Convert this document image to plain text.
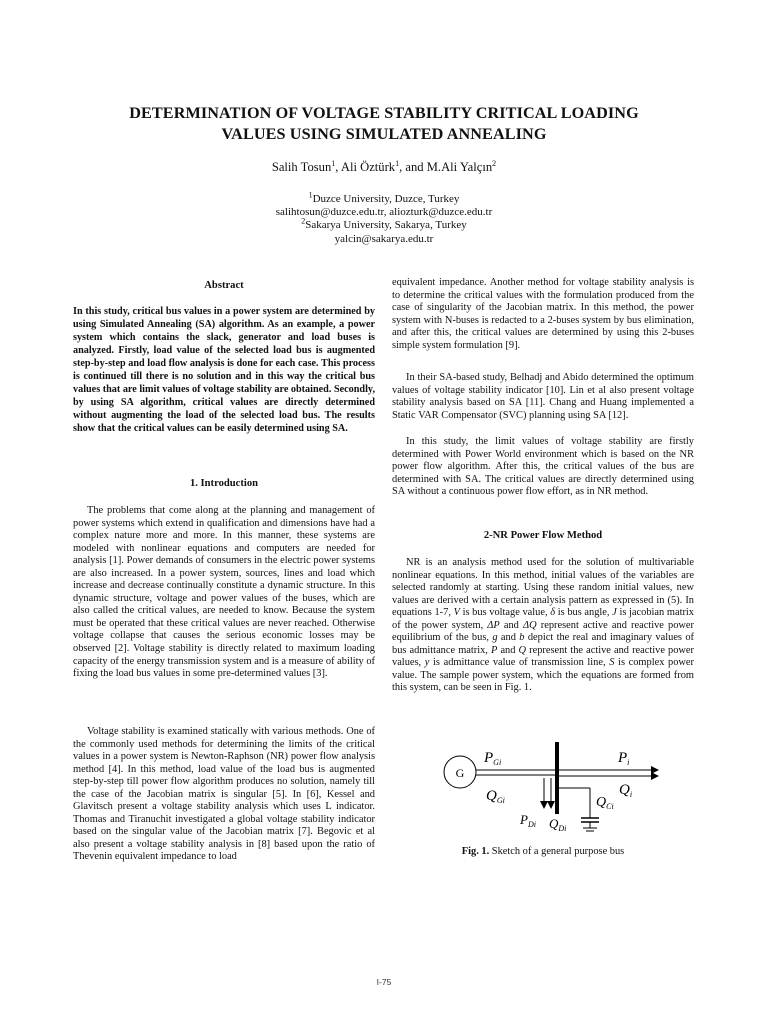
DETERMINATION OF VOLTAGE STABILITY CRITICAL LOADING
VALUES USING SIMULATED ANNEALING
Salih Tosun$^1$, Ali Öztürk$^1$, and M.Ali Yalçın$^2$
$^1$Duzce University, Duzce, Turkey
salihtosun@duzce.edu.tr, aliozturk@duzce.edu.tr
$^2$Sakarya University, Sakarya, Turkey
yalcin@sakarya.edu.tr
Abstract
In this study, critical bus values in a power system are determined by using Simulated Annealing (SA) algorithm. As an example, a power system which contains the slack, generator and load buses is analyzed. Firstly, load value of the selected load bus is augmented step-by-step and load flow analysis is done for each case. This process is continued till there is no solution and in this way the critical bus values that are limit values of voltage stability are obtained. Secondly, by using SA algorithm, critical values are directly determined without augmenting the load of the selected load bus. The results show that the critical values can be easily determined using SA.
1. Introduction

The problems that come along at the planning and management of power systems which extend in qualification and dimensions have had a complex nature more and more. In this manner, these systems are modeled with nonlinear equations and computers are needed for analysis [1]. Power demands of consumers in the electric power systems are also increased. In a power system, sources, lines and load which increase and decrease continually constitute a dynamic structure. In this dynamic structure, voltage and power values of the buses, which are also called the critical values, are needed to know. Because the system must be operated that these critical values are never reached. Otherwise voltage collapse that causes the serious economic losses may be observed [2]. Voltage stability is directly related to maximum loading capacity of the energy transmission system and is a measure of ability of fixing the load bus values in some pre-determined values [3].

Voltage stability is examined statically with various methods. One of the commonly used methods for determining the limits of the critical values in a power system is Newton-Raphson (NR) power flow analysis method [4]. In this method, load value of the load bus is augmented step-by-step till power flow algorithm produces no solution, namely till the case of the Jacobian matrix is singular [5]. In [6], Kessel and Glavitsch present a voltage stability analysis which uses L indicator. Thomas and Tiranuchit investigated a global voltage stability indicator based on the singular value of the Jacobian matrix [7]. Begovic et al also present a voltage stability analysis in [8] based upon the ratio of Thevenin equivalent impedance to load

equivalent impedance. Another method for voltage stability analysis is to determine the critical values with the formulation produced from the case of singularity of the Jacobian matrix. In this method, the power system with N-buses is redacted to a 2-buses system by bus elimination, and after this, the critical values are determined by using this 2-buses simple system formulation [9].

In their SA-based study, Belhadj and Abido determined the optimum values of voltage stability indicator [10]. Lin et al also present voltage stability analysis based on SA [11]. Chang and Huang implemented a Static VAR Compensator (SVC) planning using SA [12].

In this study, the limit values of voltage stability are firstly determined with Power World environment which is based on the NR power flow algorithm. After this, the critical values of the bus are determined with SA. The critical values are directly determined using SA without a continuous power flow effort, as in NR method.

2-NR Power Flow Method

NR is an analysis method used for the solution of multivariable nonlinear equations. In this method, initial values of the variables are selected randomly at starting. Using these random initial values, new values are derived with a certain analysis pattern as expressed in (5). In equations 1-7, V is bus voltage value, δ is bus angle, J is jacobian matrix of the power system, ΔP and ΔQ represent active and reactive power equilibrium of the bus, g and b depict the real and imaginary values of bus admittance matrix, P and Q represent the active and reactive power values, y is admittance value of transmission line, S is complex power value. The sample power system, which the equations are formed from this system, can be seen in Fig. 1.

G
$P_{Gi}$
$Q_{Gi}$
$P_i$
$Q_i$
$P_{Di}$ $Q_{Di}$
$Q_{Ci}$
Fig. 1. Sketch of a general purpose bus
I-75
